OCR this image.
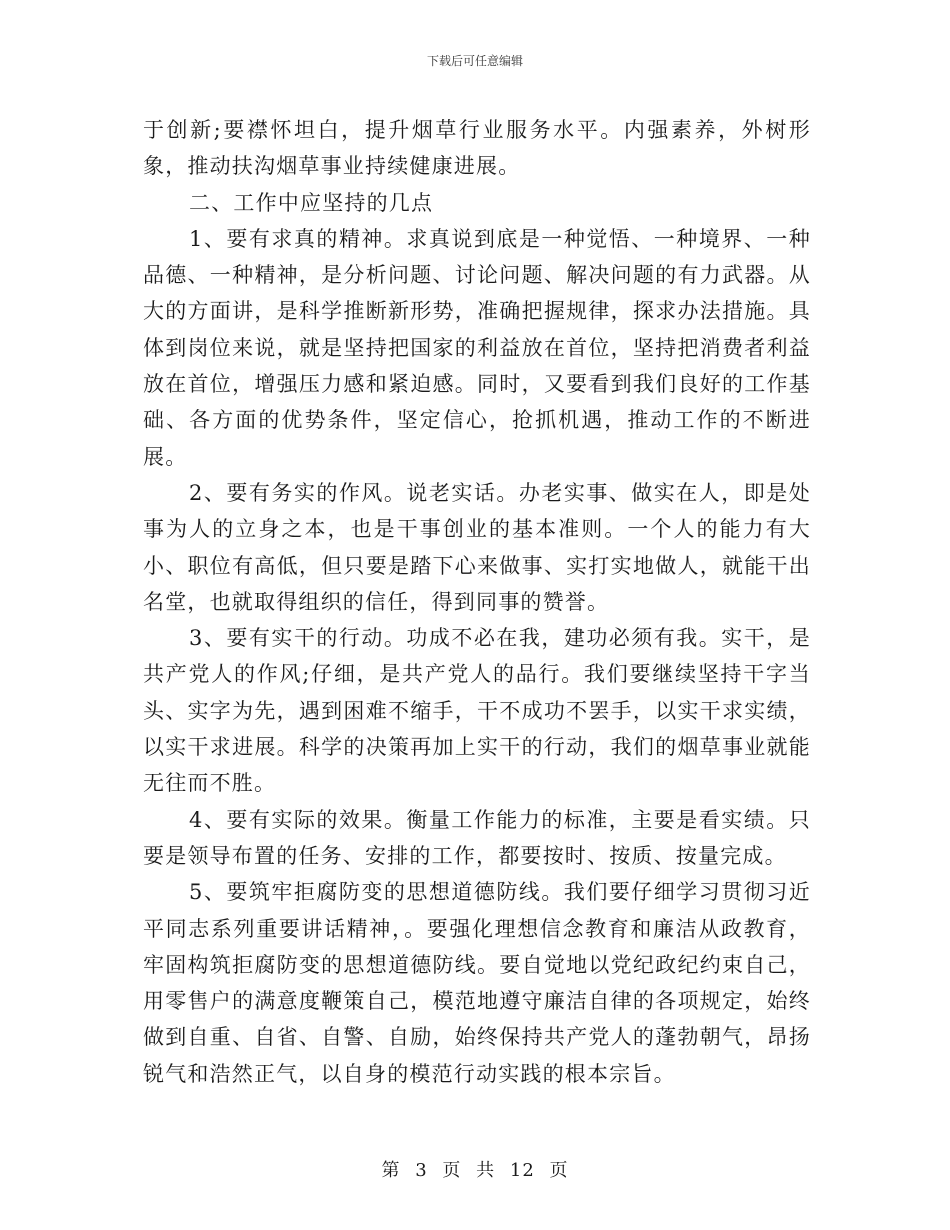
下载后可任意编辑

于创新;要襟怀坦白，提升烟草行业服务水平。内强素养，外树形象，推动扶沟烟草事业持续健康进展。

二、工作中应坚持的几点

1、要有求真的精神。求真说到底是一种觉悟、一种境界、一种品德、一种精神，是分析问题、讨论问题、解决问题的有力武器。从大的方面讲，是科学推断新形势，准确把握规律，探求办法措施。具体到岗位来说，就是坚持把国家的利益放在首位，坚持把消费者利益放在首位，增强压力感和紧迫感。同时，又要看到我们良好的工作基础、各方面的优势条件，坚定信心，抢抓机遇，推动工作的不断进展。

2、要有务实的作风。说老实话。办老实事、做实在人，即是处事为人的立身之本，也是干事创业的基本准则。一个人的能力有大小、职位有高低，但只要是踏下心来做事、实打实地做人，就能干出名堂，也就取得组织的信任，得到同事的赞誉。

3、要有实干的行动。功成不必在我，建功必须有我。实干，是共产党人的作风;仔细，是共产党人的品行。我们要继续坚持干字当头、实字为先，遇到困难不缩手，干不成功不罢手，以实干求实绩，以实干求进展。科学的决策再加上实干的行动，我们的烟草事业就能无往而不胜。

4、要有实际的效果。衡量工作能力的标准，主要是看实绩。只要是领导布置的任务、安排的工作，都要按时、按质、按量完成。

5、要筑牢拒腐防变的思想道德防线。我们要仔细学习贯彻习近平同志系列重要讲话精神，。要强化理想信念教育和廉洁从政教育，牢固构筑拒腐防变的思想道德防线。要自觉地以党纪政纪约束自己，用零售户的满意度鞭策自己，模范地遵守廉洁自律的各项规定，始终做到自重、自省、自警、自励，始终保持共产党人的蓬勃朝气，昂扬锐气和浩然正气，以自身的模范行动实践的根本宗旨。

第 3 页 共 12 页
